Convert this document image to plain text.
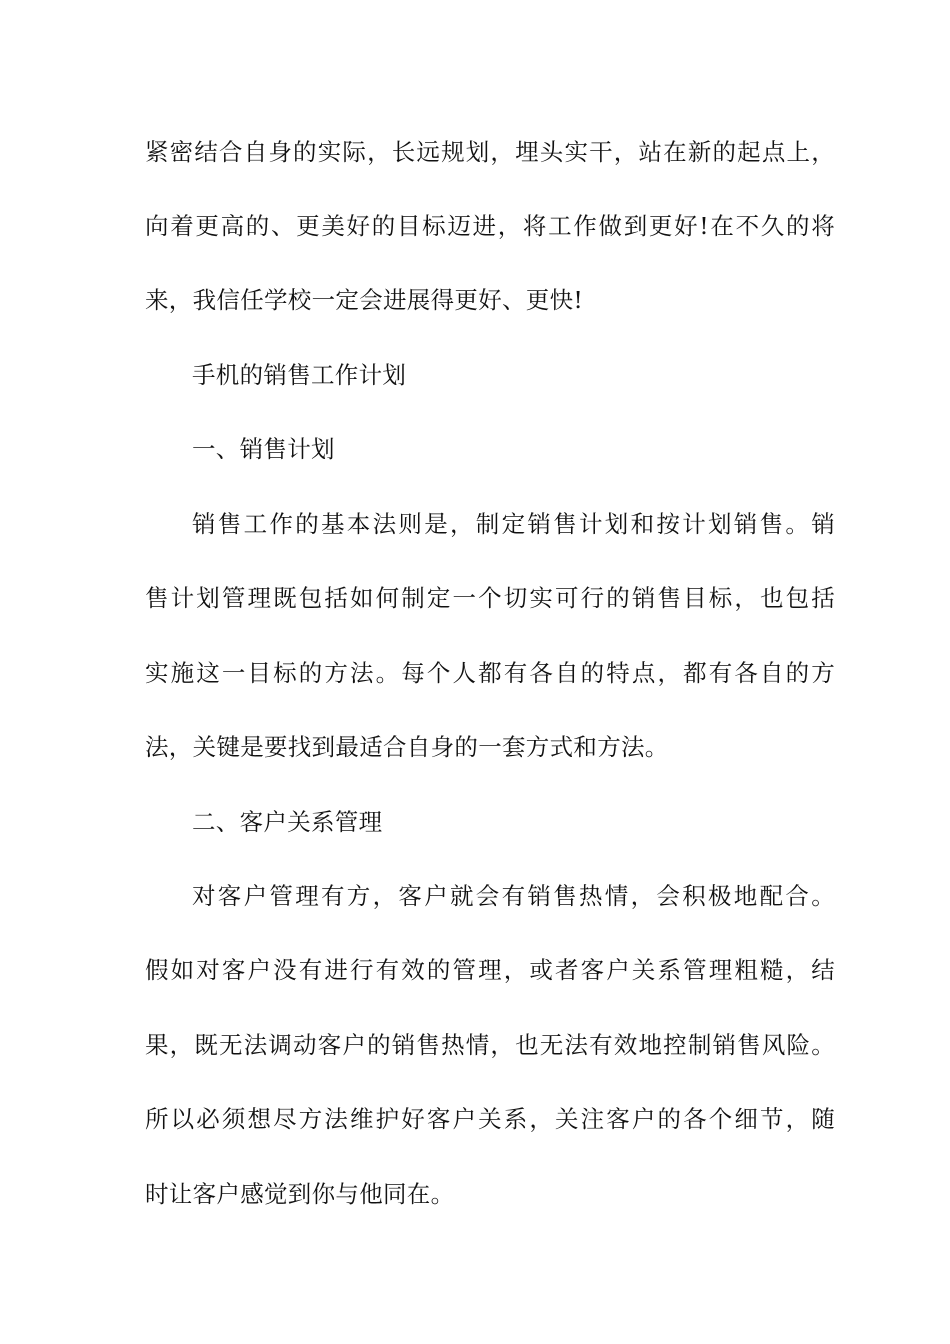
紧密结合自身的实际，长远规划，埋头实干，站在新的起点上，
向着更高的、更美好的目标迈进，将工作做到更好!在不久的将
来，我信任学校一定会进展得更好、更快!
手机的销售工作计划
一、销售计划
销售工作的基本法则是，制定销售计划和按计划销售。销
售计划管理既包括如何制定一个切实可行的销售目标，也包括
实施这一目标的方法。每个人都有各自的特点，都有各自的方
法，关键是要找到最适合自身的一套方式和方法。
二、客户关系管理
对客户管理有方，客户就会有销售热情，会积极地配合。
假如对客户没有进行有效的管理，或者客户关系管理粗糙，结
果，既无法调动客户的销售热情，也无法有效地控制销售风险。
所以必须想尽方法维护好客户关系，关注客户的各个细节，随
时让客户感觉到你与他同在。
